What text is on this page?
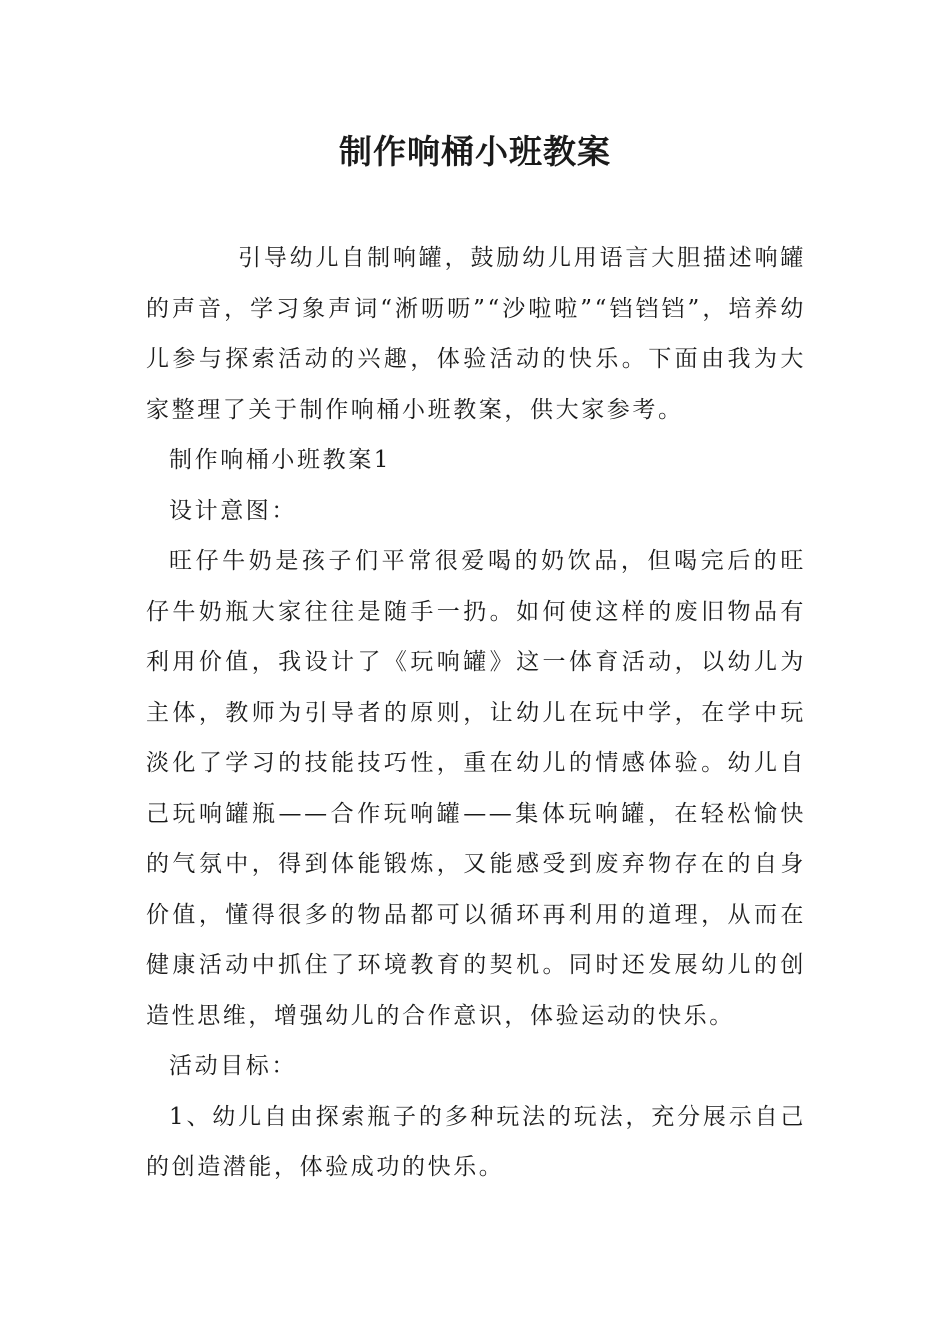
制作响桶小班教案

引导幼儿自制响罐，鼓励幼儿用语言大胆描述响罐的声音，学习象声词“淅呖呖”“沙啦啦”“铛铛铛”，培养幼儿参与探索活动的兴趣，体验活动的快乐。下面由我为大家整理了关于制作响桶小班教案，供大家参考。

制作响桶小班教案1

设计意图：

旺仔牛奶是孩子们平常很爱喝的奶饮品，但喝完后的旺仔牛奶瓶大家往往是随手一扔。如何使这样的废旧物品有利用价值，我设计了《玩响罐》这一体育活动，以幼儿为主体，教师为引导者的原则，让幼儿在玩中学，在学中玩淡化了学习的技能技巧性，重在幼儿的情感体验。幼儿自己玩响罐瓶——合作玩响罐——集体玩响罐，在轻松愉快的气氛中，得到体能锻炼，又能感受到废弃物存在的自身价值，懂得很多的物品都可以循环再利用的道理，从而在健康活动中抓住了环境教育的契机。同时还发展幼儿的创造性思维，增强幼儿的合作意识，体验运动的快乐。

活动目标：

1、幼儿自由探索瓶子的多种玩法的玩法，充分展示自己的创造潜能，体验成功的快乐。
